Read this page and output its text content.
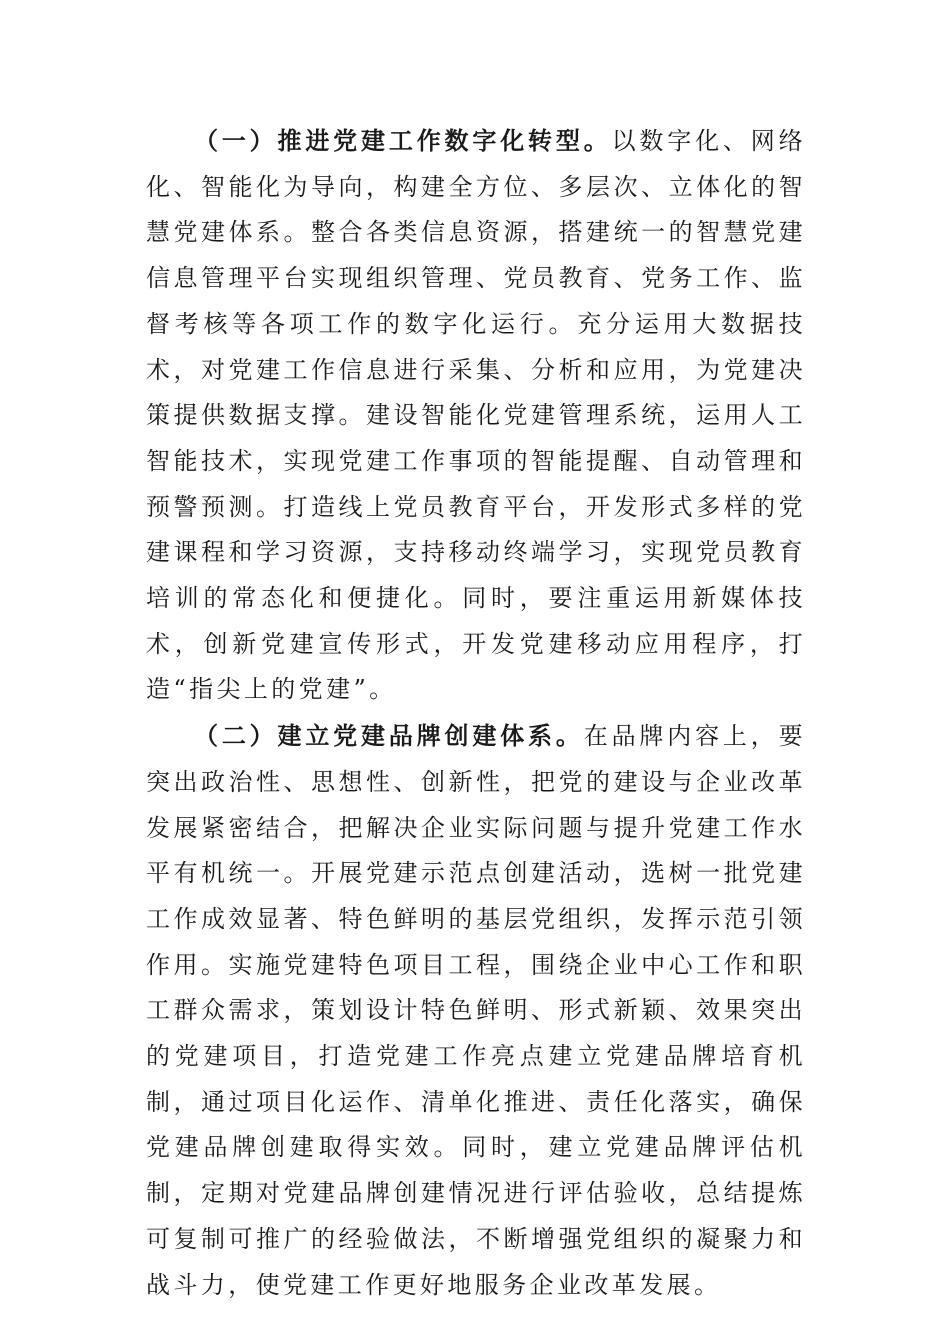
（一）推进党建工作数字化转型。以数字化、网络化、智能化为导向，构建全方位、多层次、立体化的智慧党建体系。整合各类信息资源，搭建统一的智慧党建信息管理平台实现组织管理、党员教育、党务工作、监督考核等各项工作的数字化运行。充分运用大数据技术，对党建工作信息进行采集、分析和应用，为党建决策提供数据支撑。建设智能化党建管理系统，运用人工智能技术，实现党建工作事项的智能提醒、自动管理和预警预测。打造线上党员教育平台，开发形式多样的党建课程和学习资源，支持移动终端学习，实现党员教育培训的常态化和便捷化。同时，要注重运用新媒体技术，创新党建宣传形式，开发党建移动应用程序，打造“指尖上的党建”。

（二）建立党建品牌创建体系。在品牌内容上，要突出政治性、思想性、创新性，把党的建设与企业改革发展紧密结合，把解决企业实际问题与提升党建工作水平有机统一。开展党建示范点创建活动，选树一批党建工作成效显著、特色鲜明的基层党组织，发挥示范引领作用。实施党建特色项目工程，围绕企业中心工作和职工群众需求，策划设计特色鲜明、形式新颖、效果突出的党建项目，打造党建工作亮点建立党建品牌培育机制，通过项目化运作、清单化推进、责任化落实，确保党建品牌创建取得实效。同时，建立党建品牌评估机制，定期对党建品牌创建情况进行评估验收，总结提炼可复制可推广的经验做法，不断增强党组织的凝聚力和战斗力，使党建工作更好地服务企业改革发展。
